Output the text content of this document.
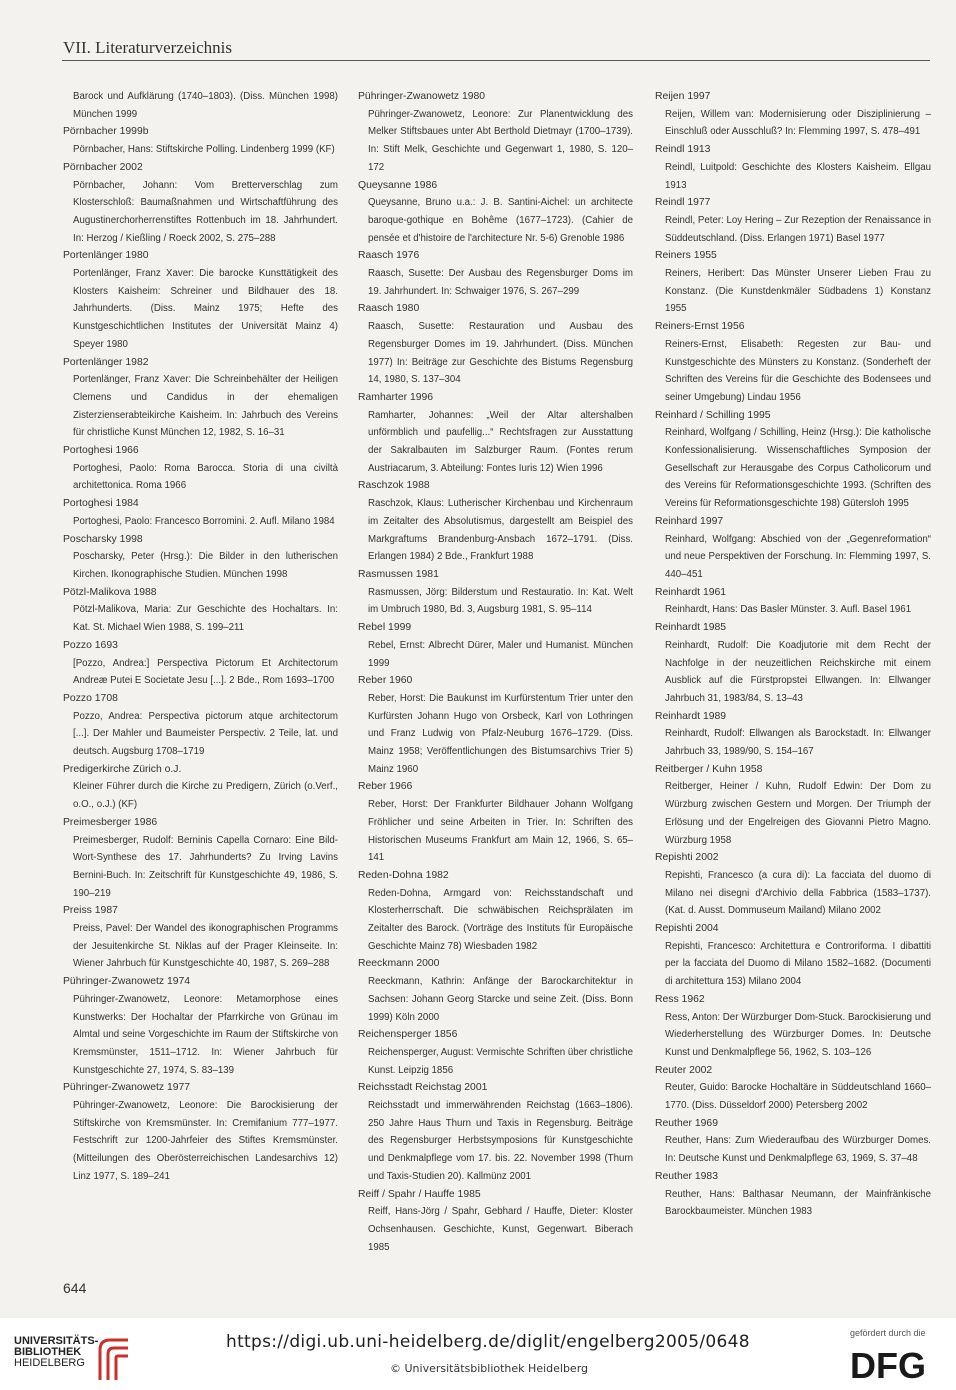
VII. Literaturverzeichnis

Barock und Aufklärung (1740–1803). (Diss. München 1998) München 1999

Pörnbacher 1999b

Pörnbacher, Hans: Stiftskirche Polling. Lindenberg 1999 (KF)

Pörnbacher 2002

Pörnbacher, Johann: Vom Bretterverschlag zum Klosterschloß: Baumaßnahmen und Wirtschaftführung des Augustinerchorherrenstiftes Rottenbuch im 18. Jahrhundert. In: Herzog / Kießling / Roeck 2002, S. 275–288

Portenlänger 1980

Portenlänger, Franz Xaver: Die barocke Kunsttätigkeit des Klosters Kaisheim: Schreiner und Bildhauer des 18. Jahrhunderts. (Diss. Mainz 1975; Hefte des Kunstgeschichtlichen Institutes der Universität Mainz 4) Speyer 1980

Portenlänger 1982

Portenlänger, Franz Xaver: Die Schreinbehälter der Heiligen Clemens und Candidus in der ehemaligen Zisterzienserabteikirche Kaisheim. In: Jahrbuch des Vereins für christliche Kunst München 12, 1982, S. 16–31

Portoghesi 1966

Portoghesi, Paolo: Roma Barocca. Storia di una civiltà architettonica. Roma 1966

Portoghesi 1984

Portoghesi, Paolo: Francesco Borromini. 2. Aufl. Milano 1984

Poscharsky 1998

Poscharsky, Peter (Hrsg.): Die Bilder in den lutherischen Kirchen. Ikonographische Studien. München 1998

Pötzl-Malikova 1988

Pötzl-Malikova, Maria: Zur Geschichte des Hochaltars. In: Kat. St. Michael Wien 1988, S. 199–211

Pozzo 1693

[Pozzo, Andrea:] Perspectiva Pictorum Et Architectorum Andreæ Putei E Societate Jesu [...]. 2 Bde., Rom 1693–1700

Pozzo 1708

Pozzo, Andrea: Perspectiva pictorum atque architectorum [...]. Der Mahler und Baumeister Perspectiv. 2 Teile, lat. und deutsch. Augsburg 1708–1719

Predigerkirche Zürich o.J.

Kleiner Führer durch die Kirche zu Predigern, Zürich (o.Verf., o.O., o.J.) (KF)

Preimesberger 1986

Preimesberger, Rudolf: Berninis Capella Cornaro: Eine Bild-Wort-Synthese des 17. Jahrhunderts? Zu Irving Lavins Bernini-Buch. In: Zeitschrift für Kunstgeschichte 49, 1986, S. 190–219

Preiss 1987

Preiss, Pavel: Der Wandel des ikonographischen Programms der Jesuitenkirche St. Niklas auf der Prager Kleinseite. In: Wiener Jahrbuch für Kunstgeschichte 40, 1987, S. 269–288

Pühringer-Zwanowetz 1974

Pühringer-Zwanowetz, Leonore: Metamorphose eines Kunstwerks: Der Hochaltar der Pfarrkirche von Grünau im Almtal und seine Vorgeschichte im Raum der Stiftskirche von Kremsmünster, 1511–1712. In: Wiener Jahrbuch für Kunstgeschichte 27, 1974, S. 83–139

Pühringer-Zwanowetz 1977

Pühringer-Zwanowetz, Leonore: Die Barockisierung der Stiftskirche von Kremsmünster. In: Cremifanium 777–1977. Festschrift zur 1200-Jahrfeier des Stiftes Kremsmünster. (Mitteilungen des Oberösterreichischen Landesarchivs 12) Linz 1977, S. 189–241

Pühringer-Zwanowetz 1980

Pühringer-Zwanowetz, Leonore: Zur Planentwicklung des Melker Stiftsbaues unter Abt Berthold Dietmayr (1700–1739). In: Stift Melk, Geschichte und Gegenwart 1, 1980, S. 120–172

Queysanne 1986

Queysanne, Bruno u.a.: J. B. Santini-Aichel: un architecte baroque-gothique en Bohême (1677–1723). (Cahier de pensée et d'histoire de l'architecture Nr. 5-6) Grenoble 1986

Raasch 1976

Raasch, Susette: Der Ausbau des Regensburger Doms im 19. Jahrhundert. In: Schwaiger 1976, S. 267–299

Raasch 1980

Raasch, Susette: Restauration und Ausbau des Regensburger Domes im 19. Jahrhundert. (Diss. München 1977) In: Beiträge zur Geschichte des Bistums Regensburg 14, 1980, S. 137–304

Ramharter 1996

Ramharter, Johannes: „Weil der Altar altershalben unförmblich und paufellig...“ Rechtsfragen zur Ausstattung der Sakralbauten im Salzburger Raum. (Fontes rerum Austriacarum, 3. Abteilung: Fontes Iuris 12) Wien 1996

Raschzok 1988

Raschzok, Klaus: Lutherischer Kirchenbau und Kirchenraum im Zeitalter des Absolutismus, dargestellt am Beispiel des Markgraftums Brandenburg-Ansbach 1672–1791. (Diss. Erlangen 1984) 2 Bde., Frankfurt 1988

Rasmussen 1981

Rasmussen, Jörg: Bilderstum und Restauratio. In: Kat. Welt im Umbruch 1980, Bd. 3, Augsburg 1981, S. 95–114

Rebel 1999

Rebel, Ernst: Albrecht Dürer, Maler und Humanist. München 1999

Reber 1960

Reber, Horst: Die Baukunst im Kurfürstentum Trier unter den Kurfürsten Johann Hugo von Orsbeck, Karl von Lothringen und Franz Ludwig von Pfalz-Neuburg 1676–1729. (Diss. Mainz 1958; Veröffentlichungen des Bistumsarchivs Trier 5) Mainz 1960

Reber 1966

Reber, Horst: Der Frankfurter Bildhauer Johann Wolfgang Fröhlicher und seine Arbeiten in Trier. In: Schriften des Historischen Museums Frankfurt am Main 12, 1966, S. 65–141

Reden-Dohna 1982

Reden-Dohna, Armgard von: Reichsstandschaft und Klosterherrschaft. Die schwäbischen Reichsprälaten im Zeitalter des Barock. (Vorträge des Instituts für Europäische Geschichte Mainz 78) Wiesbaden 1982

Reeckmann 2000

Reeckmann, Kathrin: Anfänge der Barockarchitektur in Sachsen: Johann Georg Starcke und seine Zeit. (Diss. Bonn 1999) Köln 2000

Reichensperger 1856

Reichensperger, August: Vermischte Schriften über christliche Kunst. Leipzig 1856

Reichsstadt Reichstag 2001

Reichsstadt und immerwährenden Reichstag (1663–1806). 250 Jahre Haus Thurn und Taxis in Regensburg. Beiträge des Regensburger Herbstsymposions für Kunstgeschichte und Denkmalpflege vom 17. bis. 22. November 1998 (Thurn und Taxis-Studien 20). Kallmünz 2001

Reiff / Spahr / Hauffe 1985

Reiff, Hans-Jörg / Spahr, Gebhard / Hauffe, Dieter: Kloster Ochsenhausen. Geschichte, Kunst, Gegenwart. Biberach 1985

Reijen 1997

Reijen, Willem van: Modernisierung oder Disziplinierung – Einschluß oder Ausschluß? In: Flemming 1997, S. 478–491

Reindl 1913

Reindl, Luitpold: Geschichte des Klosters Kaisheim. Ellgau 1913

Reindl 1977

Reindl, Peter: Loy Hering – Zur Rezeption der Renaissance in Süddeutschland. (Diss. Erlangen 1971) Basel 1977

Reiners 1955

Reiners, Heribert: Das Münster Unserer Lieben Frau zu Konstanz. (Die Kunstdenkmäler Südbadens 1) Konstanz 1955

Reiners-Ernst 1956

Reiners-Ernst, Elisabeth: Regesten zur Bau- und Kunstgeschichte des Münsters zu Konstanz. (Sonderheft der Schriften des Vereins für die Geschichte des Bodensees und seiner Umgebung) Lindau 1956

Reinhard / Schilling 1995

Reinhard, Wolfgang / Schilling, Heinz (Hrsg.): Die katholische Konfessionalisierung. Wissenschaftliches Symposion der Gesellschaft zur Herausgabe des Corpus Catholicorum und des Vereins für Reformationsgeschichte 1993. (Schriften des Vereins für Reformationsgeschichte 198) Gütersloh 1995

Reinhard 1997

Reinhard, Wolfgang: Abschied von der „Gegenreformation“ und neue Perspektiven der Forschung. In: Flemming 1997, S. 440–451

Reinhardt 1961

Reinhardt, Hans: Das Basler Münster. 3. Aufl. Basel 1961

Reinhardt 1985

Reinhardt, Rudolf: Die Koadjutorie mit dem Recht der Nachfolge in der neuzeitlichen Reichskirche mit einem Ausblick auf die Fürstpropstei Ellwangen. In: Ellwanger Jahrbuch 31, 1983/84, S. 13–43

Reinhardt 1989

Reinhardt, Rudolf: Ellwangen als Barockstadt. In: Ellwanger Jahrbuch 33, 1989/90, S. 154–167

Reitberger / Kuhn 1958

Reitberger, Heiner / Kuhn, Rudolf Edwin: Der Dom zu Würzburg zwischen Gestern und Morgen. Der Triumph der Erlösung und der Engelreigen des Giovanni Pietro Magno. Würzburg 1958

Repishti 2002

Repishti, Francesco (a cura di): La facciata del duomo di Milano nei disegni d'Archivio della Fabbrica (1583–1737). (Kat. d. Ausst. Dommuseum Mailand) Milano 2002

Repishti 2004

Repishti, Francesco: Architettura e Controriforma. I dibattiti per la facciata del Duomo di Milano 1582–1682. (Documenti di architettura 153) Milano 2004

Ress 1962

Ress, Anton: Der Würzburger Dom-Stuck. Barockisierung und Wiederherstellung des Würzburger Domes. In: Deutsche Kunst und Denkmalpflege 56, 1962, S. 103–126

Reuter 2002

Reuter, Guido: Barocke Hochaltäre in Süddeutschland 1660–1770. (Diss. Düsseldorf 2000) Petersberg 2002

Reuther 1969

Reuther, Hans: Zum Wiederaufbau des Würzburger Domes. In: Deutsche Kunst und Denkmalpflege 63, 1969, S. 37–48

Reuther 1983

Reuther, Hans: Balthasar Neumann, der Mainfränkische Barockbaumeister. München 1983

644
UNIVERSITÄTS-
BIBLIOTHEK
HEIDELBERG
https://digi.ub.uni-heidelberg.de/diglit/engelberg2005/0648
© Universitätsbibliothek Heidelberg
gefördert durch die
DFG
